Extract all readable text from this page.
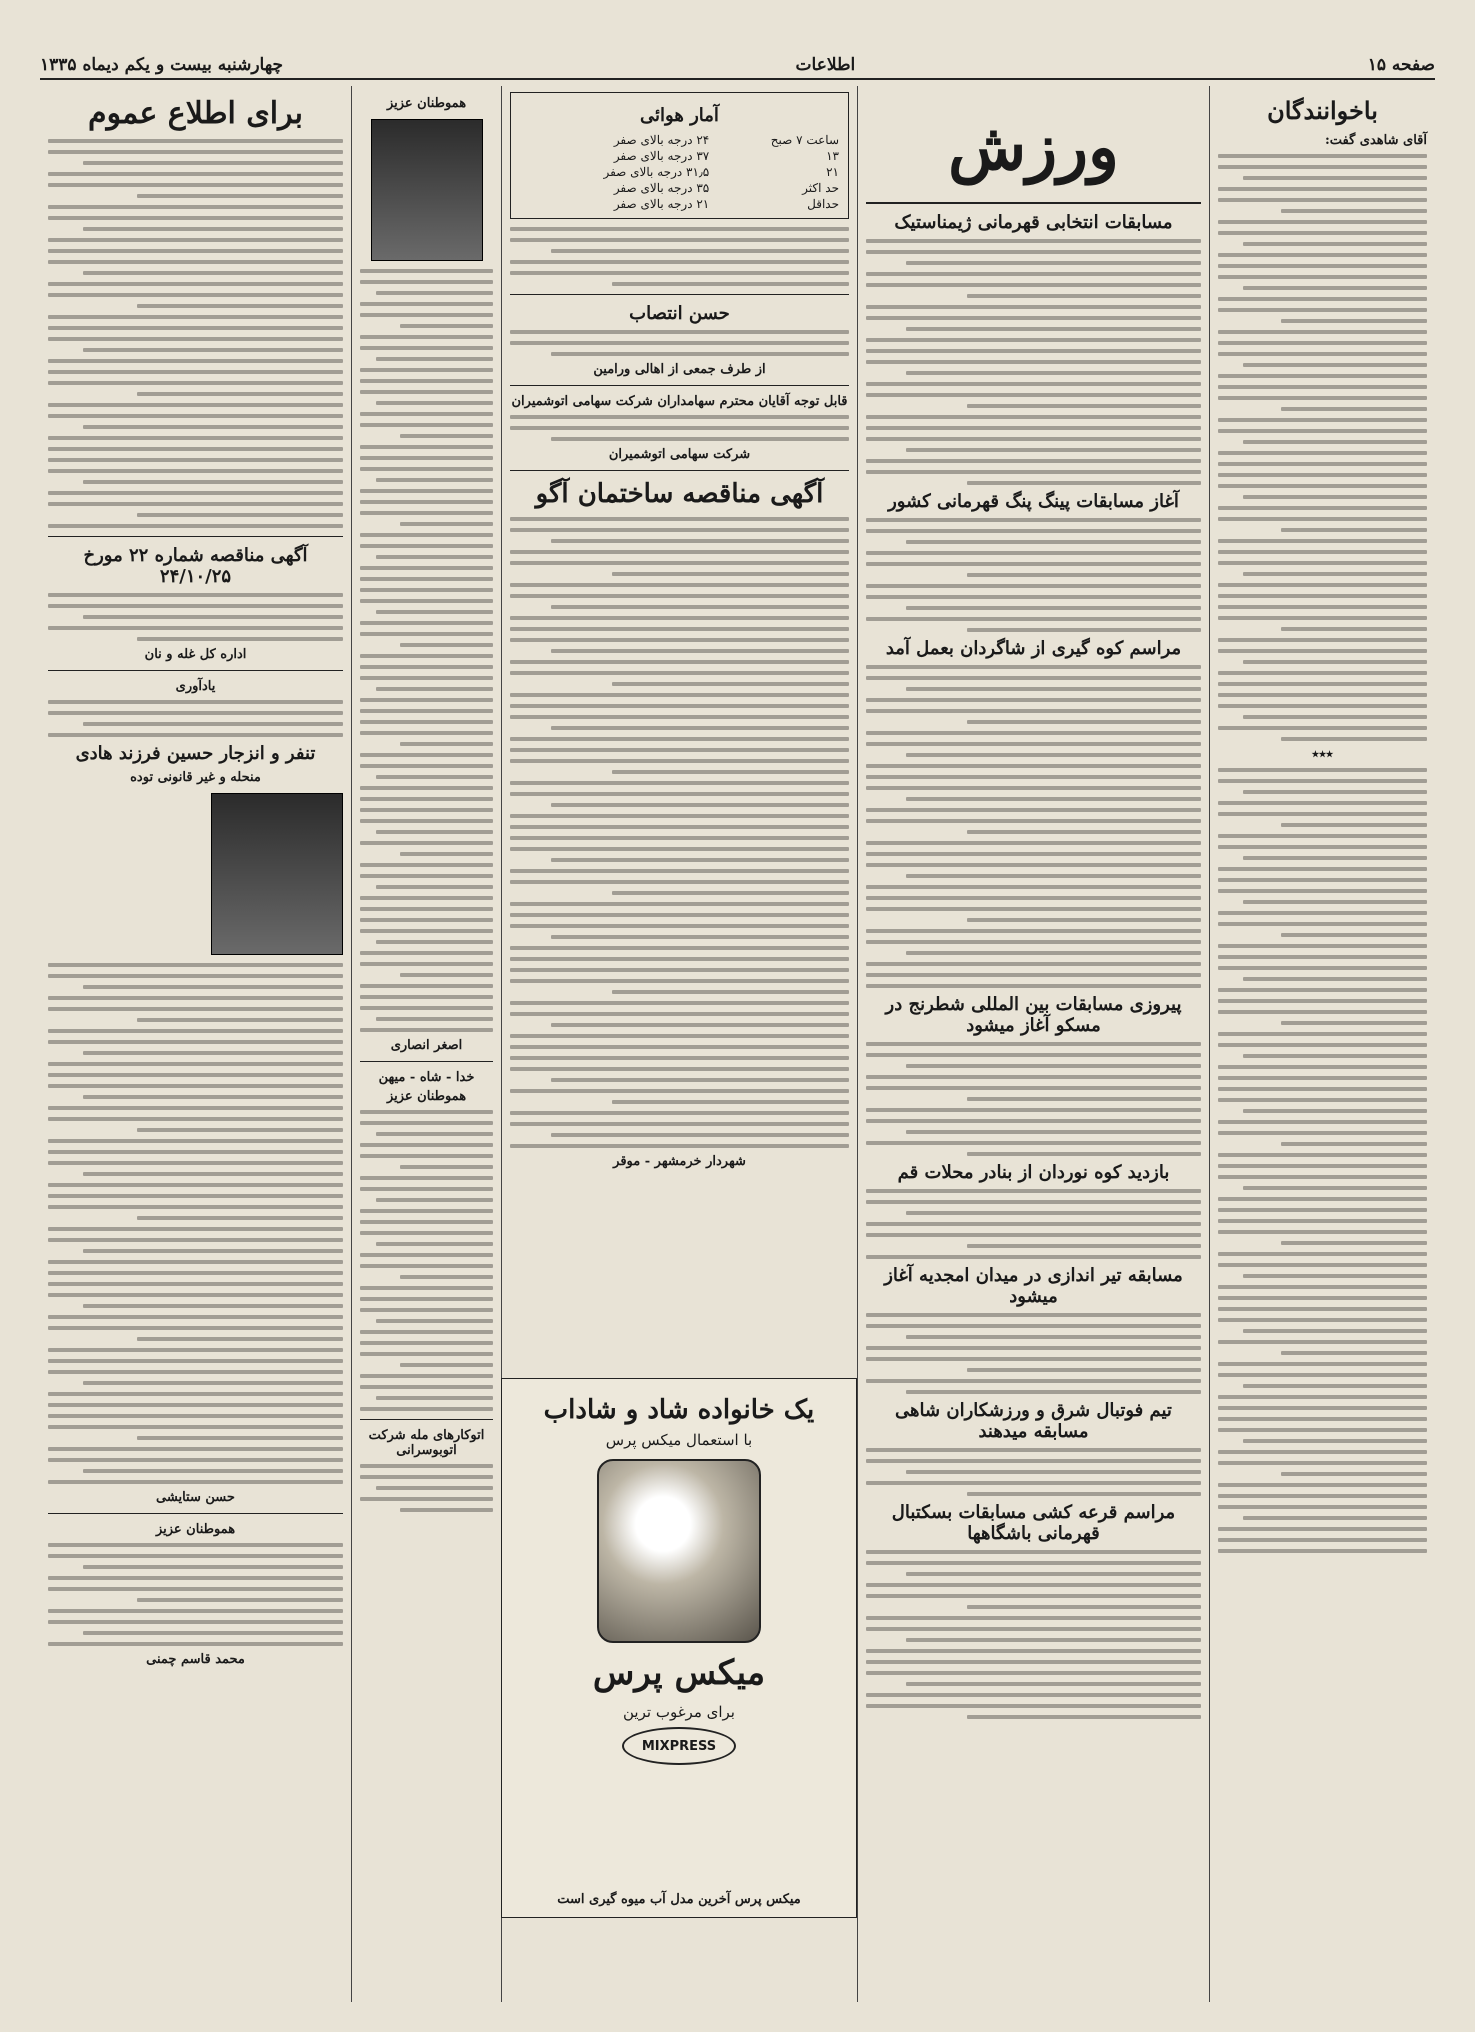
صفحه ۱۵
اطلاعات
چهارشنبه بیست و یکم دیماه ۱۳۳۵
باخوانندگان
آقای شاهدی گفت:
٭٭٭
ورزش
مسابقات انتخابی قهرمانی ژیمناستیک
آغاز مسابقات پینگ پنگ قهرمانی کشور
مراسم کوه گیری از شاگردان بعمل آمد
پیروزی مسابقات بین المللی شطرنج در مسکو آغاز میشود
بازدید کوه نوردان از بنادر محلات قم
مسابقه تیر اندازی در میدان امجدیه آغاز میشود
تیم فوتبال شرق و ورزشکاران شاهی مسابقه میدهند
مراسم قرعه کشی مسابقات بسکتبال قهرمانی باشگاهها
آمار هوائی
ساعت ۷ صبح	۲۴ درجه بالای صفر
۱۳	۳۷ درجه بالای صفر
۲۱	۳۱٫۵ درجه بالای صفر
حد اکثر	۳۵ درجه بالای صفر
حداقل	۲۱ درجه بالای صفر
حسن انتصاب
از طرف جمعی از اهالی ورامین
قابل توجه آقایان محترم سهامداران شرکت سهامی اتوشمیران
شرکت سهامی اتوشمیران
آگهی مناقصه ساختمان آگو
شهردار خرمشهر - موقر
یک خانواده شاد و شاداب
با استعمال میکس پرس
میکس پرس
برای مرغوب ترین
MIXPRESS
میکس پرس آخرین مدل آب میوه گیری است
هموطنان عزیز
اصغر انصاری
خدا - شاه - میهن
هموطنان عزیز
اتوکارهای مله شرکت اتوبوسرانی
برای اطلاع عموم
آگهی مناقصه شماره ۲۲ مورخ ۲۴/۱۰/۲۵
اداره کل غله و نان
یادآوری
تنفر و انزجار حسین فرزند هادی
منحله و غیر قانونی توده
حسن ستایشی
هموطنان عزیز
محمد قاسم چمنی
